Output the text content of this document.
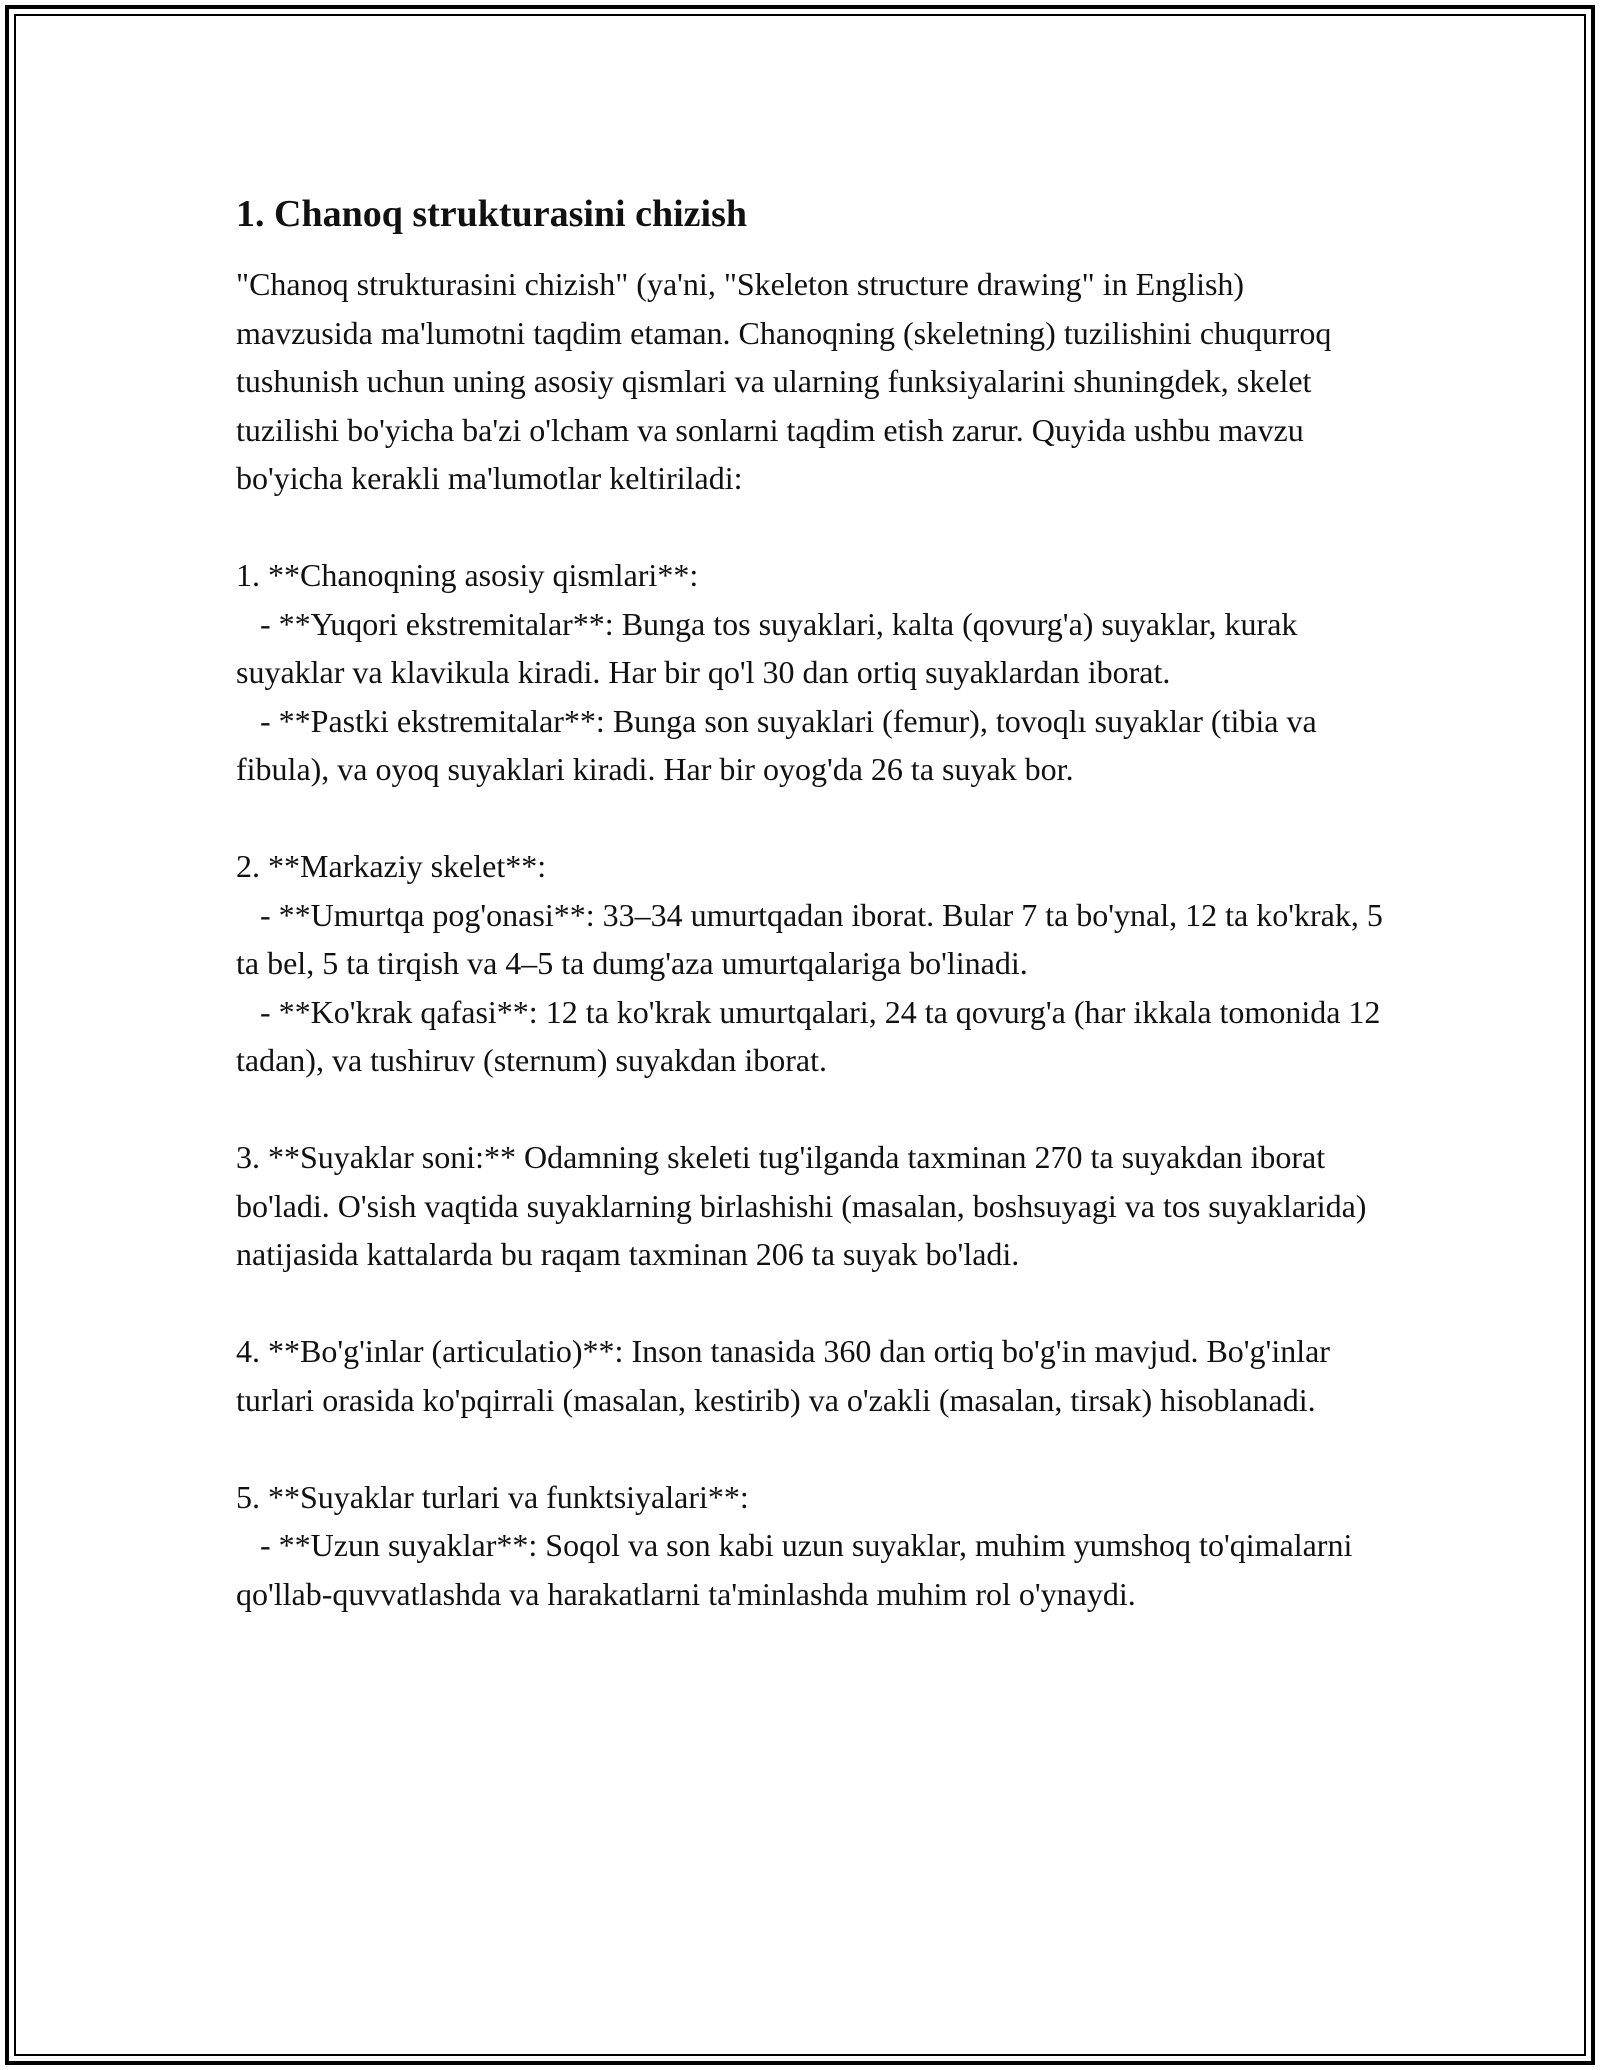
1. Chanoq strukturasini chizish

"Chanoq strukturasini chizish" (ya'ni, "Skeleton structure drawing" in English) mavzusida ma'lumotni taqdim etaman. Chanoqning (skeletning) tuzilishini chuqurroq tushunish uchun uning asosiy qismlari va ularning funksiyalarini shuningdek, skelet tuzilishi bo'yicha ba'zi o'lcham va sonlarni taqdim etish zarur. Quyida ushbu mavzu bo'yicha kerakli ma'lumotlar keltiriladi:

1. **Chanoqning asosiy qismlari**:
- **Yuqori ekstremitalar**: Bunga tos suyaklari, kalta (qovurg'a) suyaklar, kurak suyaklar va klavikula kiradi. Har bir qo'l 30 dan ortiq suyaklardan iborat.
- **Pastki ekstremitalar**: Bunga son suyaklari (femur), tovoqlı suyaklar (tibia va fibula), va oyoq suyaklari kiradi. Har bir oyog'da 26 ta suyak bor.
2. **Markaziy skelet**:
- **Umurtqa pog'onasi**: 33–34 umurtqadan iborat. Bular 7 ta bo'ynal, 12 ta ko'krak, 5 ta bel, 5 ta tirqish va 4–5 ta dumg'aza umurtqalariga bo'linadi.
- **Ko'krak qafasi**: 12 ta ko'krak umurtqalari, 24 ta qovurg'a (har ikkala tomonida 12 tadan), va tushiruv (sternum) suyakdan iborat.
3. **Suyaklar soni:** Odamning skeleti tug'ilganda taxminan 270 ta suyakdan iborat bo'ladi. O'sish vaqtida suyaklarning birlashishi (masalan, boshsuyagi va tos suyaklarida) natijasida kattalarda bu raqam taxminan 206 ta suyak bo'ladi.
4. **Bo'g'inlar (articulatio)**: Inson tanasida 360 dan ortiq bo'g'in mavjud. Bo'g'inlar turlari orasida ko'pqirrali (masalan, kestirib) va o'zakli (masalan, tirsak) hisoblanadi.
5. **Suyaklar turlari va funktsiyalari**:
- **Uzun suyaklar**: Soqol va son kabi uzun suyaklar, muhim yumshoq to'qimalarni qo'llab-quvvatlashda va harakatlarni ta'minlashda muhim rol o'ynaydi.
